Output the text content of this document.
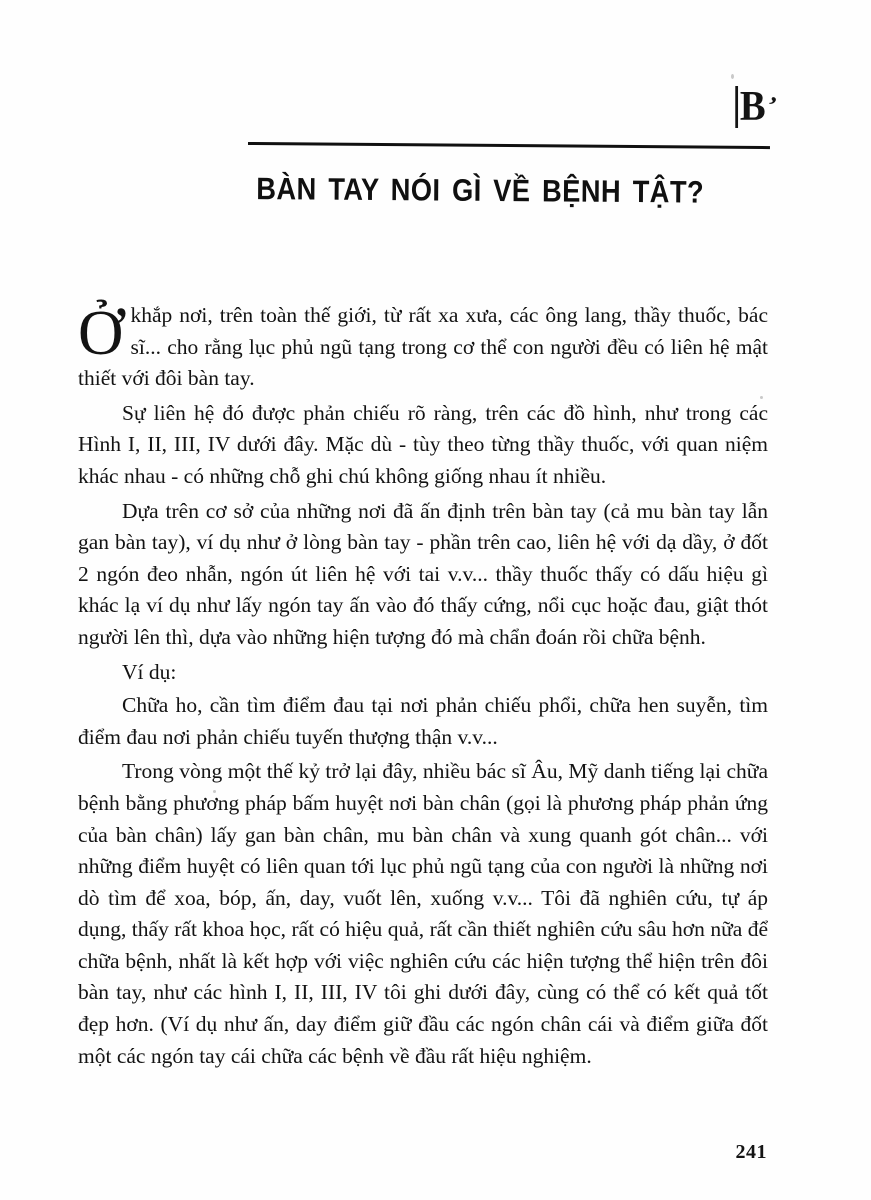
B’
BÀN TAY NÓI GÌ VỀ BỆNH TẬT?

Ởkhắp nơi, trên toàn thế giới, từ rất xa xưa, các ông lang, thầy thuốc, bác sĩ... cho rằng lục phủ ngũ tạng trong cơ thể con người đều có liên hệ mật thiết với đôi bàn tay.

Sự liên hệ đó được phản chiếu rõ ràng, trên các đồ hình, như trong các Hình I, II, III, IV dưới đây. Mặc dù - tùy theo từng thầy thuốc, với quan niệm khác nhau - có những chỗ ghi chú không giống nhau ít nhiều.

Dựa trên cơ sở của những nơi đã ấn định trên bàn tay (cả mu bàn tay lẫn gan bàn tay), ví dụ như ở lòng bàn tay - phần trên cao, liên hệ với dạ dầy, ở đốt 2 ngón đeo nhẫn, ngón út liên hệ với tai v.v... thầy thuốc thấy có dấu hiệu gì khác lạ ví dụ như lấy ngón tay ấn vào đó thấy cứng, nổi cục hoặc đau, giật thót người lên thì, dựa vào những hiện tượng đó mà chẩn đoán rồi chữa bệnh.

Ví dụ:

Chữa ho, cần tìm điểm đau tại nơi phản chiếu phổi, chữa hen suyễn, tìm điểm đau nơi phản chiếu tuyến thượng thận v.v...

Trong vòng một thế kỷ trở lại đây, nhiều bác sĩ Âu, Mỹ danh tiếng lại chữa bệnh bằng phương pháp bấm huyệt nơi bàn chân (gọi là phương pháp phản ứng của bàn chân) lấy gan bàn chân, mu bàn chân và xung quanh gót chân... với những điểm huyệt có liên quan tới lục phủ ngũ tạng của con người là những nơi dò tìm để xoa, bóp, ấn, day, vuốt lên, xuống v.v... Tôi đã nghiên cứu, tự áp dụng, thấy rất khoa học, rất có hiệu quả, rất cần thiết nghiên cứu sâu hơn nữa để chữa bệnh, nhất là kết hợp với việc nghiên cứu các hiện tượng thể hiện trên đôi bàn tay, như các hình I, II, III, IV tôi ghi dưới đây, cùng có thể có kết quả tốt đẹp hơn. (Ví dụ như ấn, day điểm giữ đầu các ngón chân cái và điểm giữa đốt một các ngón tay cái chữa các bệnh về đầu rất hiệu nghiệm.

241
